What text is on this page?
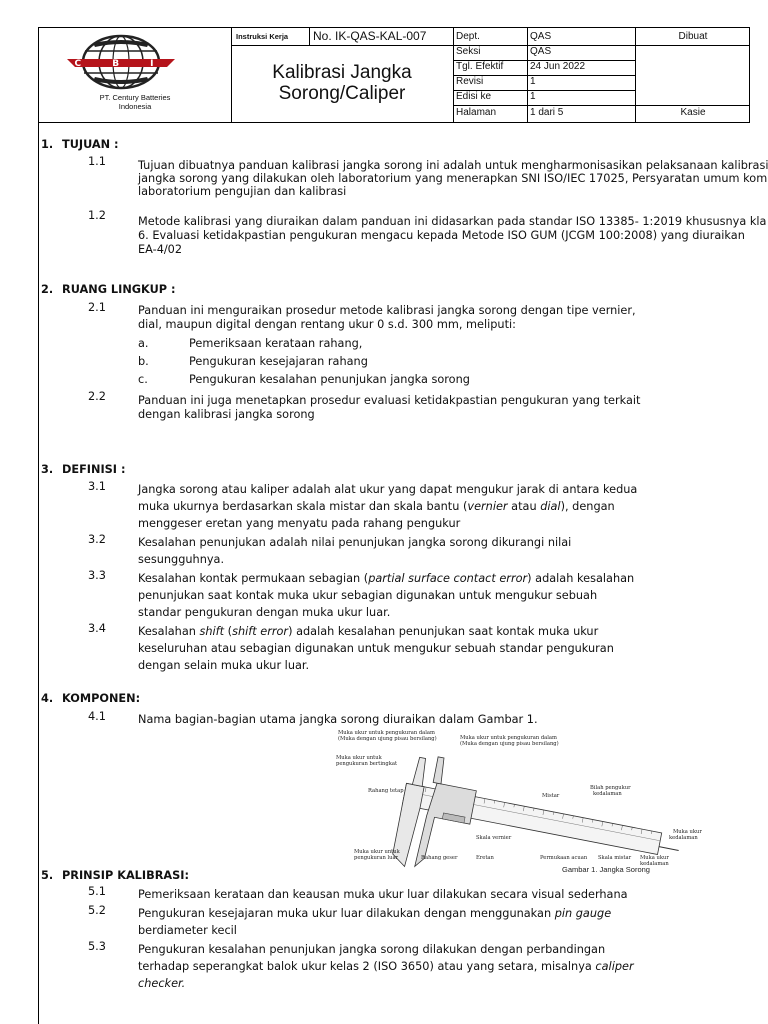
C B I
PT. Century Batteries
Indonesia
Instruksi Kerja No. IK-QAS-KAL-007
Kalibrasi Jangka
Sorong/Caliper
Dept.	QAS
Seksi	QAS
Tgl. Efektif	24 Jun 2022
Revisi	1
Edisi ke	1
Halaman	1 dari 5
Dibuat
Kasie
1. TUJUAN :
1.1	Tujuan dibuatnya panduan kalibrasi jangka sorong ini adalah untuk mengharmonisasikan pelaksanaan kalibrasi
jangka sorong yang dilakukan oleh laboratorium yang menerapkan SNI ISO/IEC 17025, Persyaratan umum kom
laboratorium pengujian dan kalibrasi
1.2	Metode kalibrasi yang diuraikan dalam panduan ini didasarkan pada standar ISO 13385- 1:2019 khususnya kla
6. Evaluasi ketidakpastian pengukuran mengacu kepada Metode ISO GUM (JCGM 100:2008) yang diuraikan
EA-4/02
2. RUANG LINGKUP :
2.1	Panduan ini menguraikan prosedur metode kalibrasi jangka sorong dengan tipe vernier,
dial, maupun digital dengan rentang ukur 0 s.d. 300 mm, meliputi:
a.	Pemeriksaan kerataan rahang,
b.	Pengukuran kesejajaran rahang
c.	Pengukuran kesalahan penunjukan jangka sorong
2.2	Panduan ini juga menetapkan prosedur evaluasi ketidakpastian pengukuran yang terkait
dengan kalibrasi jangka sorong
3. DEFINISI :
3.1	Jangka sorong atau kaliper adalah alat ukur yang dapat mengukur jarak di antara kedua
muka ukurnya berdasarkan skala mistar dan skala bantu (vernier atau dial), dengan
menggeser eretan yang menyatu pada rahang pengukur
3.2	Kesalahan penunjukan adalah nilai penunjukan jangka sorong dikurangi nilai
sesungguhnya.
3.3	Kesalahan kontak permukaan sebagian (partial surface contact error) adalah kesalahan
penunjukan saat kontak muka ukur sebagian digunakan untuk mengukur sebuah
standar pengukuran dengan muka ukur luar.
3.4	Kesalahan shift (shift error) adalah kesalahan penunjukan saat kontak muka ukur
keseluruhan atau sebagian digunakan untuk mengukur sebuah standar pengukuran
dengan selain muka ukur luar.
4. KOMPONEN:
4.1	Nama bagian-bagian utama jangka sorong diuraikan dalam Gambar 1.
Muka ukur untuk pengukuran dalam
(Muka dengan ujung pisau bersilang)	Muka ukur untuk pengukuran dalam
(Muka dengan ujung pisau bersilang)
Muka ukur untuk
pengukuran bertingkat
Rahang tetap
Mistar
Bilah pengukur
kedalaman
Muka ukur
kedalaman
Skala vernier
Muka ukur untuk
pengukuran luar	Rahang geser	Eretan	Permukaan acuan Skala mistar Muka ukur
kedalaman
Gambar 1. Jangka Sorong
5. PRINSIP KALIBRASI:
5.1	Pemeriksaan kerataan dan keausan muka ukur luar dilakukan secara visual sederhana
5.2	Pengukuran kesejajaran muka ukur luar dilakukan dengan menggunakan pin gauge
berdiameter kecil
5.3	Pengukuran kesalahan penunjukan jangka sorong dilakukan dengan perbandingan
terhadap seperangkat balok ukur kelas 2 (ISO 3650) atau yang setara, misalnya caliper
checker.
